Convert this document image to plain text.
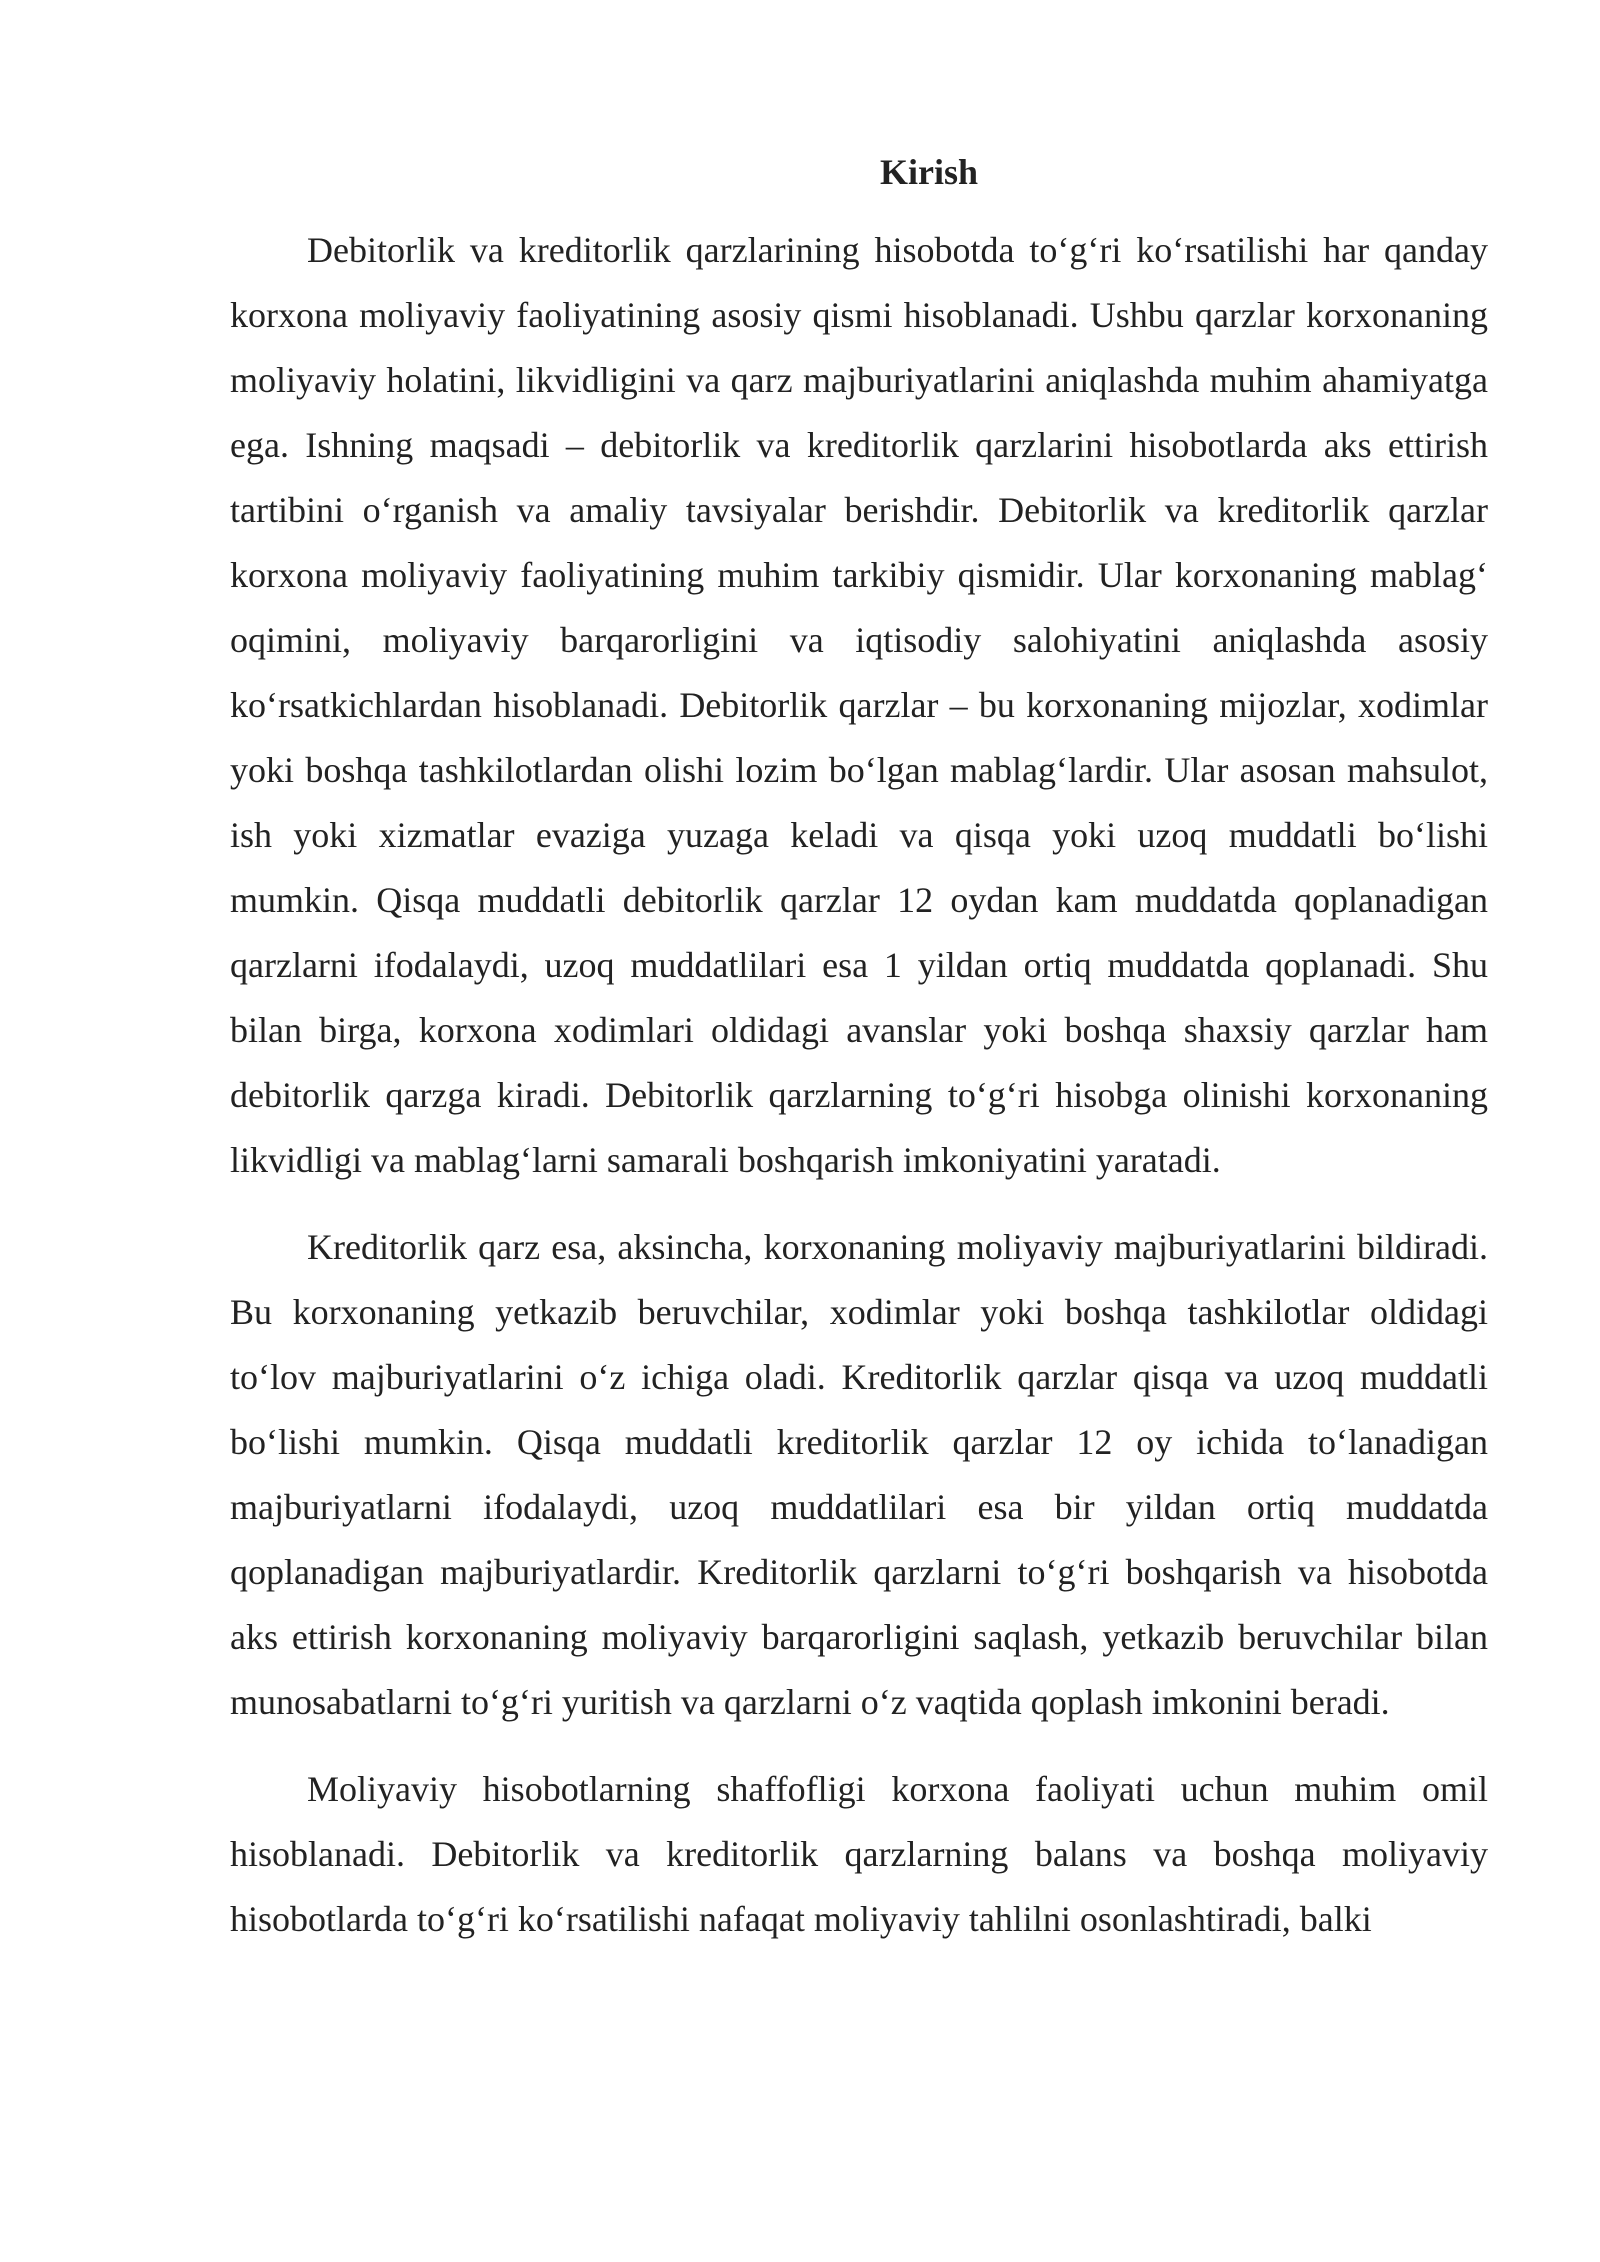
Kirish

Debitorlik va kreditorlik qarzlarining hisobotda to‘g‘ri ko‘rsatilishi har qanday korxona moliyaviy faoliyatining asosiy qismi hisoblanadi. Ushbu qarzlar korxonaning moliyaviy holatini, likvidligini va qarz majburiyatlarini aniqlashda muhim ahamiyatga ega. Ishning maqsadi – debitorlik va kreditorlik qarzlarini hisobotlarda aks ettirish tartibini o‘rganish va amaliy tavsiyalar berishdir. Debitorlik va kreditorlik qarzlar korxona moliyaviy faoliyatining muhim tarkibiy qismidir. Ular korxonaning mablag‘ oqimini, moliyaviy barqarorligini va iqtisodiy salohiyatini aniqlashda asosiy ko‘rsatkichlardan hisoblanadi. Debitorlik qarzlar – bu korxonaning mijozlar, xodimlar yoki boshqa tashkilotlardan olishi lozim bo‘lgan mablag‘lardir. Ular asosan mahsulot, ish yoki xizmatlar evaziga yuzaga keladi va qisqa yoki uzoq muddatli bo‘lishi mumkin. Qisqa muddatli debitorlik qarzlar 12 oydan kam muddatda qoplanadigan qarzlarni ifodalaydi, uzoq muddatlilari esa 1 yildan ortiq muddatda qoplanadi. Shu bilan birga, korxona xodimlari oldidagi avanslar yoki boshqa shaxsiy qarzlar ham debitorlik qarzga kiradi. Debitorlik qarzlarning to‘g‘ri hisobga olinishi korxonaning likvidligi va mablag‘larni samarali boshqarish imkoniyatini yaratadi.

Kreditorlik qarz esa, aksincha, korxonaning moliyaviy majburiyatlarini bildiradi. Bu korxonaning yetkazib beruvchilar, xodimlar yoki boshqa tashkilotlar oldidagi to‘lov majburiyatlarini o‘z ichiga oladi. Kreditorlik qarzlar qisqa va uzoq muddatli bo‘lishi mumkin. Qisqa muddatli kreditorlik qarzlar 12 oy ichida to‘lanadigan majburiyatlarni ifodalaydi, uzoq muddatlilari esa bir yildan ortiq muddatda qoplanadigan majburiyatlardir. Kreditorlik qarzlarni to‘g‘ri boshqarish va hisobotda aks ettirish korxonaning moliyaviy barqarorligini saqlash, yetkazib beruvchilar bilan munosabatlarni to‘g‘ri yuritish va qarzlarni o‘z vaqtida qoplash imkonini beradi.

Moliyaviy hisobotlarning shaffofligi korxona faoliyati uchun muhim omil hisoblanadi. Debitorlik va kreditorlik qarzlarning balans va boshqa moliyaviy hisobotlarda to‘g‘ri ko‘rsatilishi nafaqat moliyaviy tahlilni osonlashtiradi, balki
